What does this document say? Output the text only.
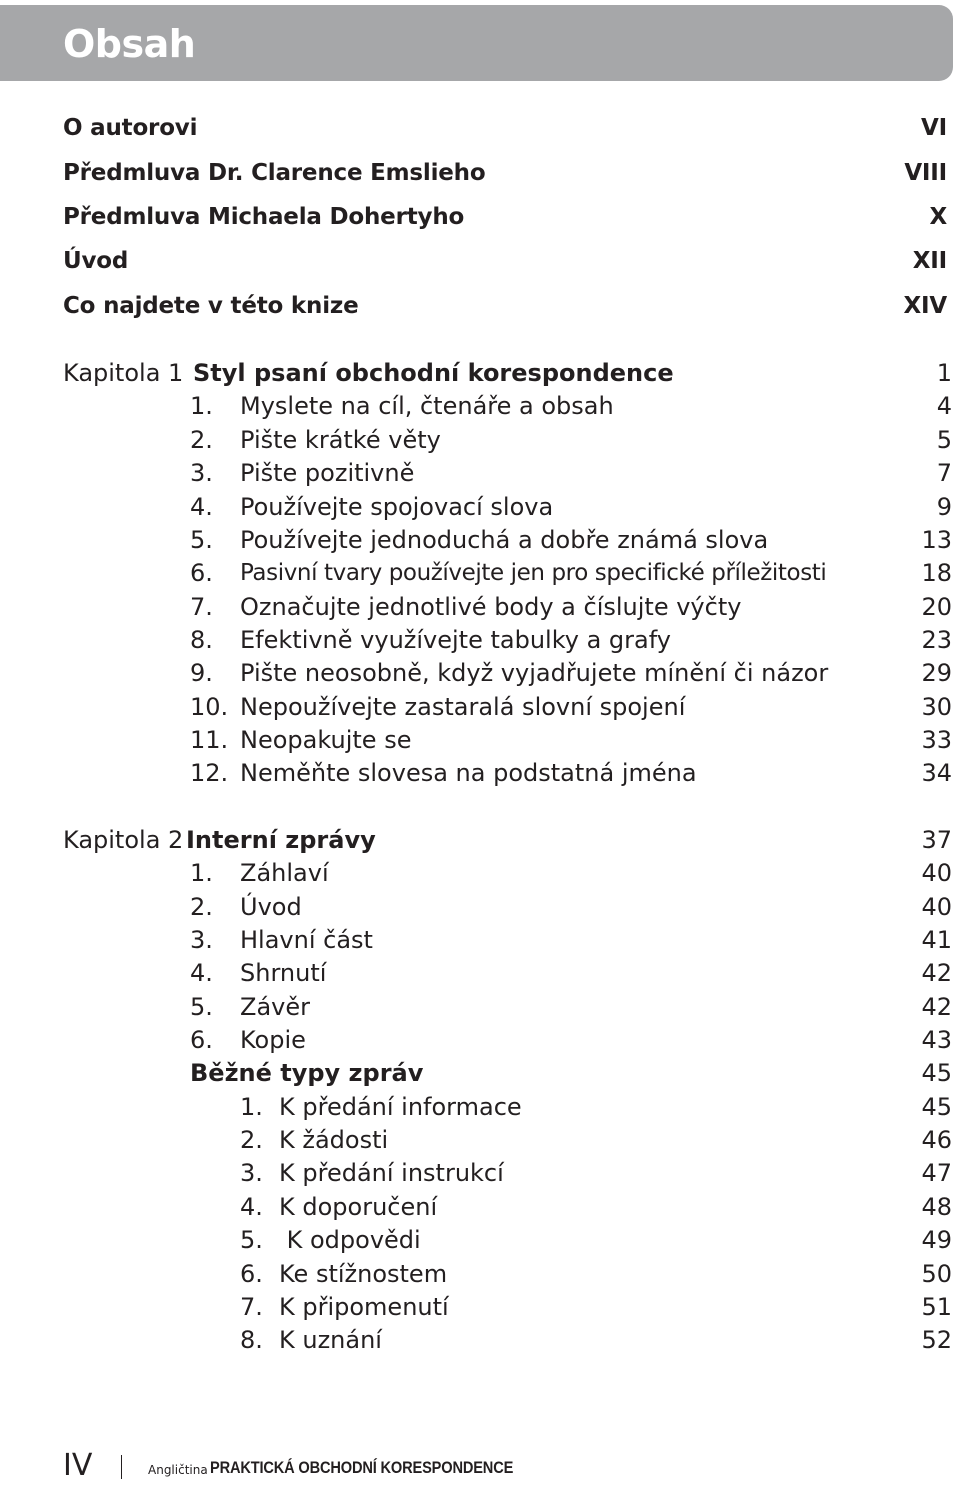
Obsah
O autorovi	VI
Předmluva Dr. Clarence Emslieho	VIII
Předmluva Michaela Dohertyho	X
Úvod	XII
Co najdete v této knize	XIV
Kapitola 1 Styl psaní obchodní korespondence	1
1. Myslete na cíl, čtenáře a obsah	4
2. Pište krátké věty	5
3. Pište pozitivně	7
4. Používejte spojovací slova	9
5. Používejte jednoduchá a dobře známá slova	13
6. Pasivní tvary používejte jen pro specifické příležitosti	18
7. Označujte jednotlivé body a číslujte výčty	20
8. Efektivně využívejte tabulky a grafy	23
9. Pište neosobně, když vyjadřujete mínění či názor	29
10. Nepoužívejte zastaralá slovní spojení	30
11. Neopakujte se	33
12. Neměňte slovesa na podstatná jména	34
Kapitola 2 Interní zprávy	37
1. Záhlaví	40
2. Úvod	40
3. Hlavní část	41
4. Shrnutí	42
5. Závěr	42
6. Kopie	43
Běžné typy zpráv	45
1. K předání informace	45
2. K žádosti	46
3. K předání instrukcí	47
4. K doporučení	48
5. K odpovědi	49
6. Ke stížnostem	50
7. K připomenutí	51
8. K uznání	52
IV	Angličtina PRAKTICKÁ OBCHODNÍ KORESPONDENCE
